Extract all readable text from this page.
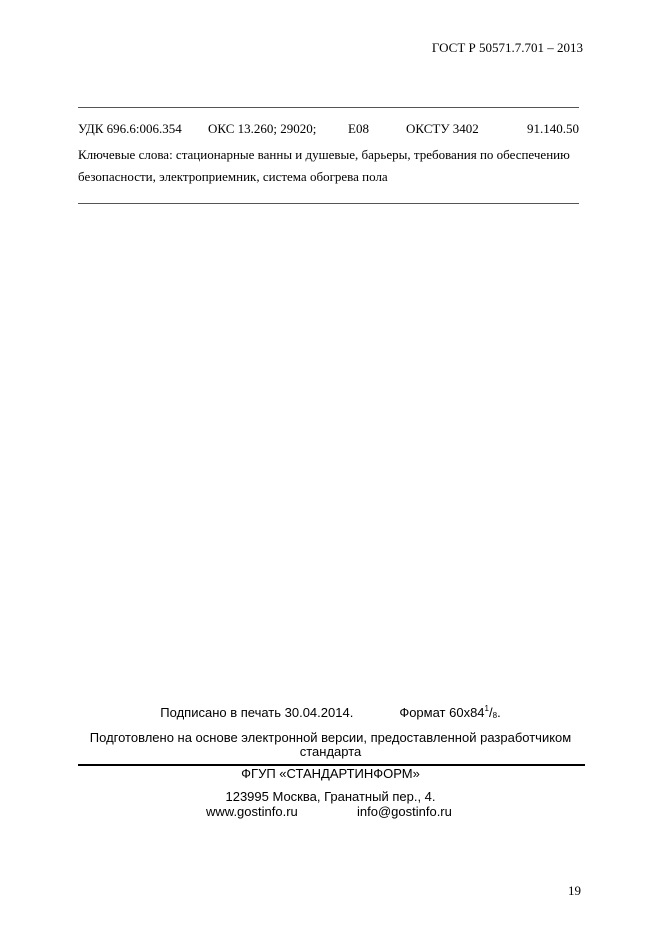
ГОСТ Р 50571.7.701 – 2013
УДК 696.6:006.354 ОКС 13.260; 29020; Е08	ОКСТУ 3402	91.140.50
Ключевые слова: стационарные ванны и душевые, барьеры, требования по обеспечению безопасности, электроприемник, система обогрева пола
Подписано в печать 30.04.2014.	Формат $60x84^1/_8$.
Подготовлено на основе электронной версии, предоставленной разработчиком стандарта
ФГУП «СТАНДАРТИНФОРМ»
123995 Москва, Гранатный пер., 4.
www.gostinfo.ru	info@gostinfo.ru
19
